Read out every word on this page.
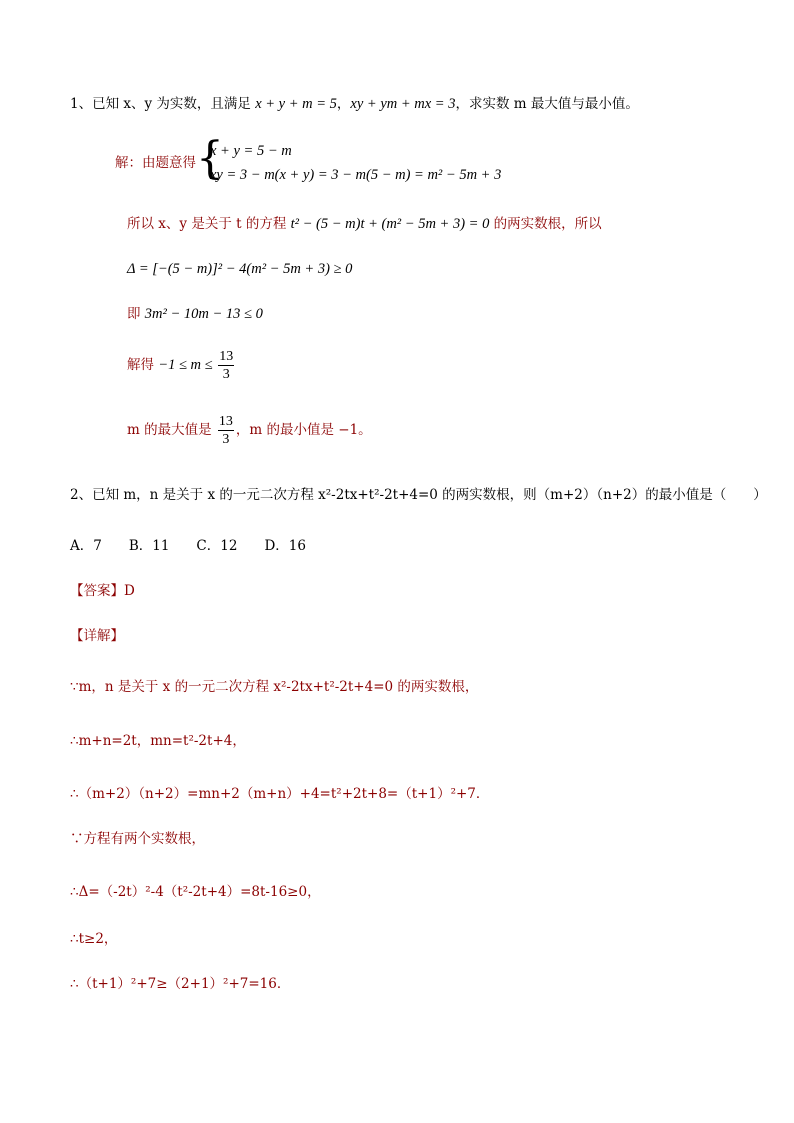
1、已知 x、y 为实数，且满足 x + y + m = 5，xy + ym + mx = 3，求实数 m 最大值与最小值。
解：由题意得 {
x + y = 5 − m
xy = 3 − m(x + y) = 3 − m(5 − m) = m² − 5m + 3
所以 x、y 是关于 t 的方程 t² − (5 − m)t + (m² − 5m + 3) = 0 的两实数根，所以
Δ = [−(5 − m)]² − 4(m² − 5m + 3) ≥ 0
即 3m² − 10m − 13 ≤ 0
解得 $-1 \le m \le \frac{13}{3}$
m 的最大值是 $\frac{13}{3}$ ，m 的最小值是 −1。
2、已知 m，n 是关于 x 的一元二次方程 x²-2tx+t²-2t+4=0 的两实数根，则（m+2）（n+2）的最小值是（　　）
A．7　　B．11　　C．12　　D．16
【答案】D
【详解】
∵m，n 是关于 x 的一元二次方程 x²-2tx+t²-2t+4=0 的两实数根，
∴m+n=2t，mn=t²-2t+4，
∴（m+2）（n+2）=mn+2（m+n）+4=t²+2t+8=（t+1）²+7．
∵方程有两个实数根，
∴Δ=（-2t）²-4（t²-2t+4）=8t-16≥0，
∴t≥2，
∴（t+1）²+7≥（2+1）²+7=16．
